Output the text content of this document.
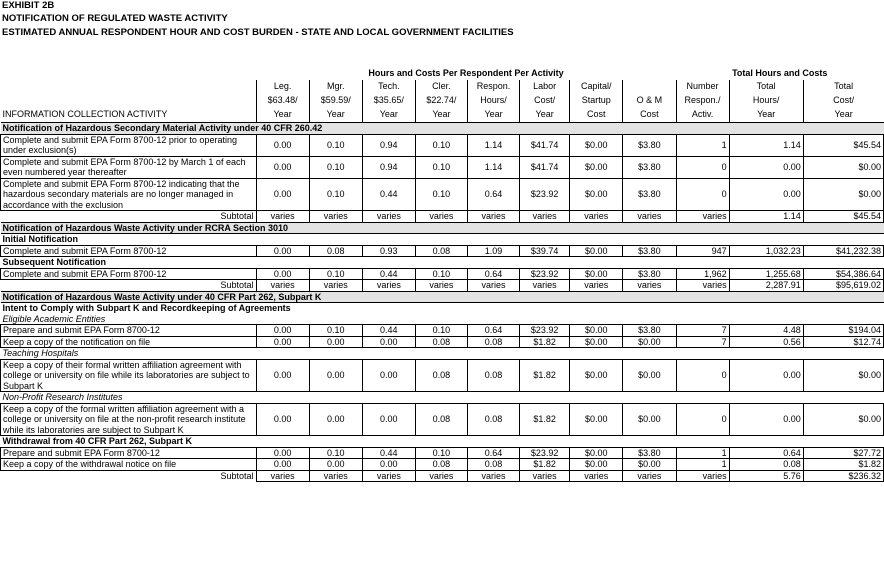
EXHIBIT 2B
NOTIFICATION OF REGULATED WASTE ACTIVITY
ESTIMATED ANNUAL RESPONDENT HOUR AND COST BURDEN - STATE AND LOCAL GOVERNMENT FACILITIES
	Hours and Costs Per Respondent Per Activity								Total Hours and Costs		
	Leg.	Mgr.	Tech.	Cler.	Respon.	Labor	Capital/		Number	Total	Total
	$63.48/	$59.59/	$35.65/	$22.74/	Hours/	Cost/	Startup	O & M	Respon./	Hours/	Cost/
INFORMATION COLLECTION ACTIVITY	Year	Year	Year	Year	Year	Year	Cost	Cost	Activ.	Year	Year
Notification of Hazardous Secondary Material Activity under 40 CFR 260.42											
Complete and submit EPA Form 8700-12 prior to operating under exclusion(s)	0.00	0.10	0.94	0.10	1.14	$41.74	$0.00	$3.80	1	1.14	$45.54
Complete and submit EPA Form 8700-12 by March 1 of each even numbered year thereafter	0.00	0.10	0.94	0.10	1.14	$41.74	$0.00	$3.80	0	0.00	$0.00
Complete and submit EPA Form 8700-12 indicating that the hazardous secondary materials are no longer managed in accordance with the exclusion	0.00	0.10	0.44	0.10	0.64	$23.92	$0.00	$3.80	0	0.00	$0.00
Subtotal	varies	varies	varies	varies	varies	varies	varies	varies	varies	1.14	$45.54
Notification of Hazardous Waste Activity under RCRA Section 3010											
Initial Notification											
Complete and submit EPA Form 8700-12	0.00	0.08	0.93	0.08	1.09	$39.74	$0.00	$3.80	947	1,032.23	$41,232.38
Subsequent Notification											
Complete and submit EPA Form 8700-12	0.00	0.10	0.44	0.10	0.64	$23.92	$0.00	$3.80	1,962	1,255.68	$54,386.64
Subtotal	varies	varies	varies	varies	varies	varies	varies	varies	varies	2,287.91	$95,619.02
Notification of Hazardous Waste Activity under 40 CFR Part 262, Subpart K											
Intent to Comply with Subpart K and Recordkeeping of Agreements											
Eligible Academic Entities											
Prepare and submit EPA Form 8700-12	0.00	0.10	0.44	0.10	0.64	$23.92	$0.00	$3.80	7	4.48	$194.04
Keep a copy of the notification on file	0.00	0.00	0.00	0.08	0.08	$1.82	$0.00	$0.00	7	0.56	$12.74
Teaching Hospitals											
Keep a copy of their formal written affiliation agreement with college or university on file while its laboratories are subject to Subpart K	0.00	0.00	0.00	0.08	0.08	$1.82	$0.00	$0.00	0	0.00	$0.00
Non-Profit Research Institutes											
Keep a copy of the formal written affiliation agreement with a college or university on file at the non-profit research institute while its laboratories are subject to Subpart K	0.00	0.00	0.00	0.08	0.08	$1.82	$0.00	$0.00	0	0.00	$0.00
Withdrawal from 40 CFR Part 262, Subpart K											
Prepare and submit EPA Form 8700-12	0.00	0.10	0.44	0.10	0.64	$23.92	$0.00	$3.80	1	0.64	$27.72
Keep a copy of the withdrawal notice on file	0.00	0.00	0.00	0.08	0.08	$1.82	$0.00	$0.00	1	0.08	$1.82
Subtotal	varies	varies	varies	varies	varies	varies	varies	varies	varies	5.76	$236.32
